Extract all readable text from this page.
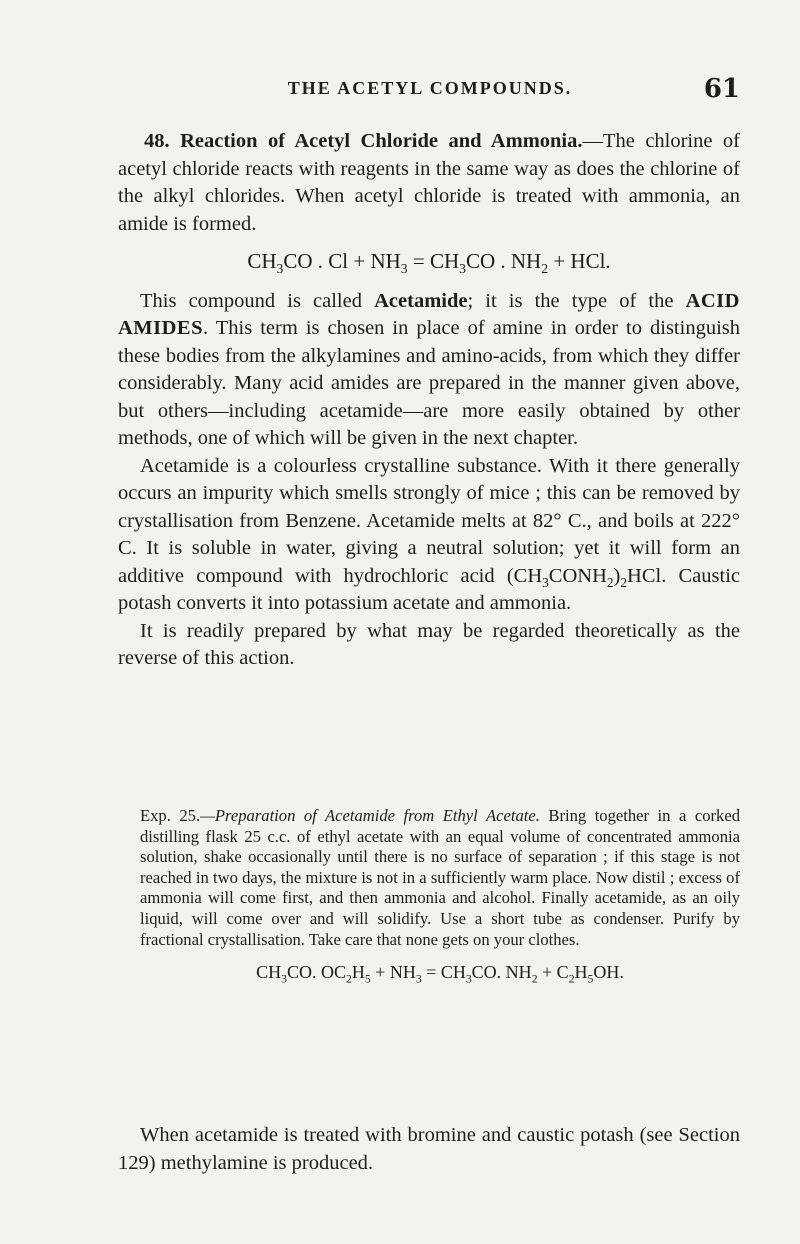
THE ACETYL COMPOUNDS.	61

48. Reaction of Acetyl Chloride and Ammonia.—The chlorine of acetyl chloride reacts with reagents in the same way as does the chlorine of the alkyl chlorides. When acetyl chloride is treated with ammonia, an amide is formed.

$CH_3CO$ . $Cl + NH_3 = CH_3CO$ . $NH_2$ + HCl.

This compound is called Acetamide; it is the type of the ACID AMIDES. This term is chosen in place of amine in order to distinguish these bodies from the alkylamines and amino-acids, from which they differ considerably. Many acid amides are prepared in the manner given above, but others—including acetamide—are more easily obtained by other methods, one of which will be given in the next chapter.

Acetamide is a colourless crystalline substance. With it there generally occurs an impurity which smells strongly of mice ; this can be removed by crystallisation from Benzene. Acetamide melts at 82° C., and boils at 222° C. It is soluble in water, giving a neutral solution; yet it will form an additive compound with hydrochloric acid $(CH_3CONH_2)_2HCl$. Caustic potash converts it into potassium acetate and ammonia.

It is readily prepared by what may be regarded theoretically as the reverse of this action.

Exp. 25.—Preparation of Acetamide from Ethyl Acetate. Bring together in a corked distilling flask 25 c.c. of ethyl acetate with an equal volume of concentrated ammonia solution, shake occasionally until there is no surface of separation ; if this stage is not reached in two days, the mixture is not in a sufficiently warm place. Now distil ; excess of ammonia will come first, and then ammonia and alcohol. Finally acetamide, as an oily liquid, will come over and will solidify. Use a short tube as condenser. Purify by fractional crystallisation. Take care that none gets on your clothes.

$CH_3CO$. $OC_2H_5 + NH_3 = CH_3CO$. $NH_2 + C_2H_5OH$.

When acetamide is treated with bromine and caustic potash (see Section 129) methylamine is produced.
